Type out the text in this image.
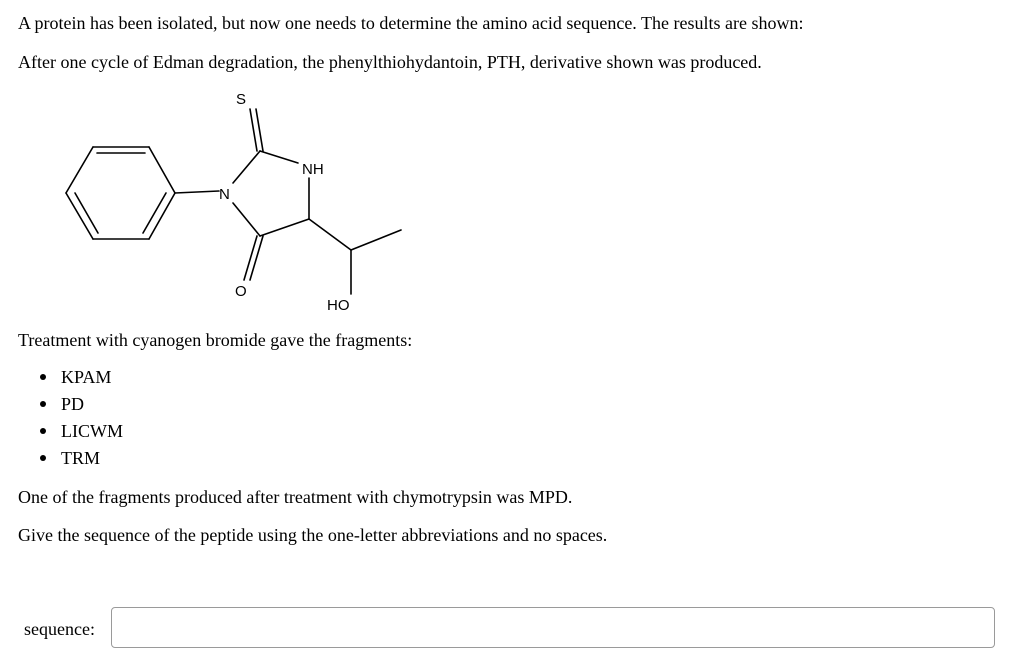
A protein has been isolated, but now one needs to determine the amino acid sequence. The results are shown:

After one cycle of Edman degradation, the phenylthiohydantoin, PTH, derivative shown was produced.

S
NH
N
O
HO

Treatment with cyanogen bromide gave the fragments:

KPAM
PD
LICWM
TRM

One of the fragments produced after treatment with chymotrypsin was MPD.

Give the sequence of the peptide using the one-letter abbreviations and no spaces.

sequence:
